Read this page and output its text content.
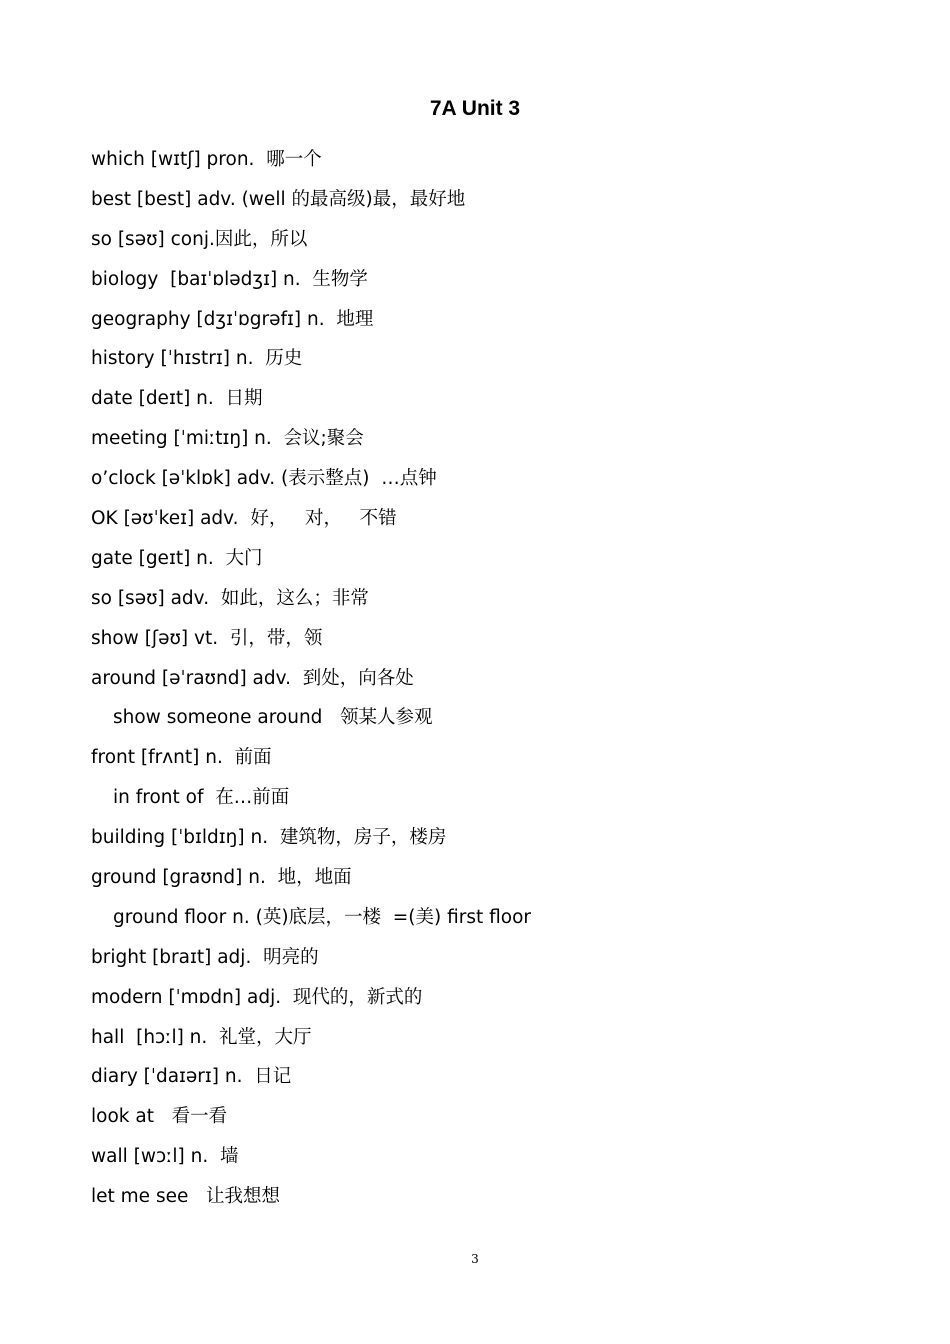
7A Unit 3
which [wɪtʃ] pron.  哪一个
best [best] adv. (well 的最高级)最，最好地
so [səʊ] conj.因此，所以
biology  [baɪˈɒlədʒɪ] n.  生物学
geography [dʒɪˈɒgrəfɪ] n.  地理
history [ˈhɪstrɪ] n.  历史
date [deɪt] n.  日期
meeting [ˈmiːtɪŋ] n.  会议;聚会
o’clock [əˈklɒk] adv. (表示整点)  …点钟
OK [əʊˈkeɪ] adv.  好，   对，   不错
gate [geɪt] n.  大门
so [səʊ] adv.  如此，这么；非常
show [ʃəʊ] vt.  引，带，领
around [əˈraʊnd] adv.  到处，向各处
show someone around   领某人参观
front [frʌnt] n.  前面
in front of  在…前面
building [ˈbɪldɪŋ] n.  建筑物，房子，楼房
ground [graʊnd] n.  地，地面
ground floor n. (英)底层，一楼  =(美) first floor
bright [braɪt] adj.  明亮的
modern [ˈmɒdn] adj.  现代的，新式的
hall  [hɔːl] n.  礼堂，大厅
diary [ˈdaɪərɪ] n.  日记
look at   看一看
wall [wɔːl] n.  墙
let me see   让我想想
3
